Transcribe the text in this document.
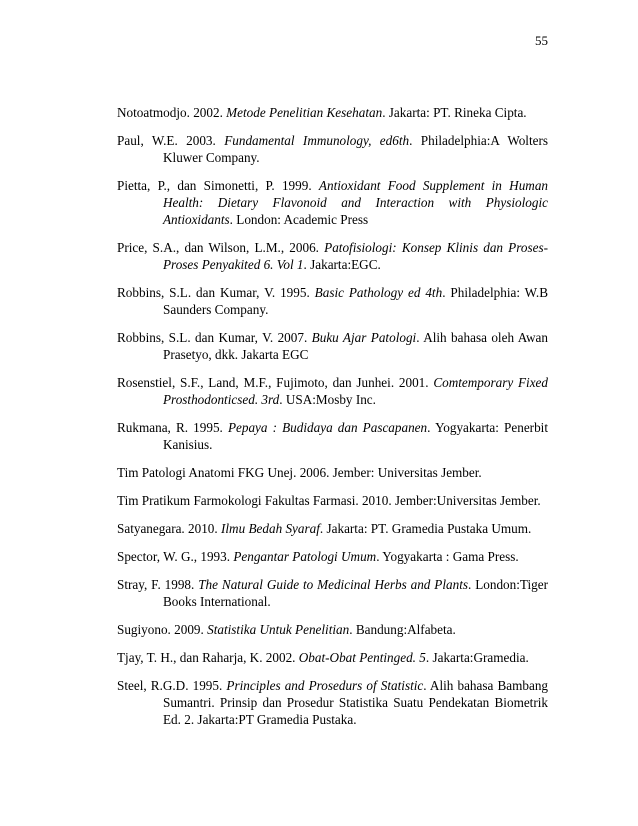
55

Notoatmodjo. 2002. Metode Penelitian Kesehatan. Jakarta: PT. Rineka Cipta.

Paul, W.E. 2003. Fundamental Immunology, ed6th. Philadelphia:A Wolters Kluwer Company.

Pietta, P., dan Simonetti, P. 1999. Antioxidant Food Supplement in Human Health: Dietary Flavonoid and Interaction with Physiologic Antioxidants. London: Academic Press

Price, S.A., dan Wilson, L.M., 2006. Patofisiologi: Konsep Klinis dan Proses-Proses Penyakited 6. Vol 1. Jakarta:EGC.

Robbins, S.L. dan Kumar, V. 1995. Basic Pathology ed 4th. Philadelphia: W.B Saunders Company.

Robbins, S.L. dan Kumar, V. 2007. Buku Ajar Patologi. Alih bahasa oleh Awan Prasetyo, dkk. Jakarta EGC

Rosenstiel, S.F., Land, M.F., Fujimoto, dan Junhei. 2001. Comtemporary Fixed Prosthodonticsed. 3rd. USA:Mosby Inc.

Rukmana, R. 1995. Pepaya : Budidaya dan Pascapanen. Yogyakarta: Penerbit Kanisius.

Tim Patologi Anatomi FKG Unej. 2006. Jember: Universitas Jember.

Tim Pratikum Farmokologi Fakultas Farmasi. 2010. Jember:Universitas Jember.

Satyanegara. 2010. Ilmu Bedah Syaraf. Jakarta: PT. Gramedia Pustaka Umum.

Spector, W. G., 1993. Pengantar Patologi Umum. Yogyakarta : Gama Press.

Stray, F. 1998. The Natural Guide to Medicinal Herbs and Plants. London:Tiger Books International.

Sugiyono. 2009. Statistika Untuk Penelitian. Bandung:Alfabeta.

Tjay, T. H., dan Raharja, K. 2002. Obat-Obat Pentinged. 5. Jakarta:Gramedia.

Steel, R.G.D. 1995. Principles and Prosedurs of Statistic. Alih bahasa Bambang Sumantri. Prinsip dan Prosedur Statistika Suatu Pendekatan Biometrik Ed. 2. Jakarta:PT Gramedia Pustaka.
